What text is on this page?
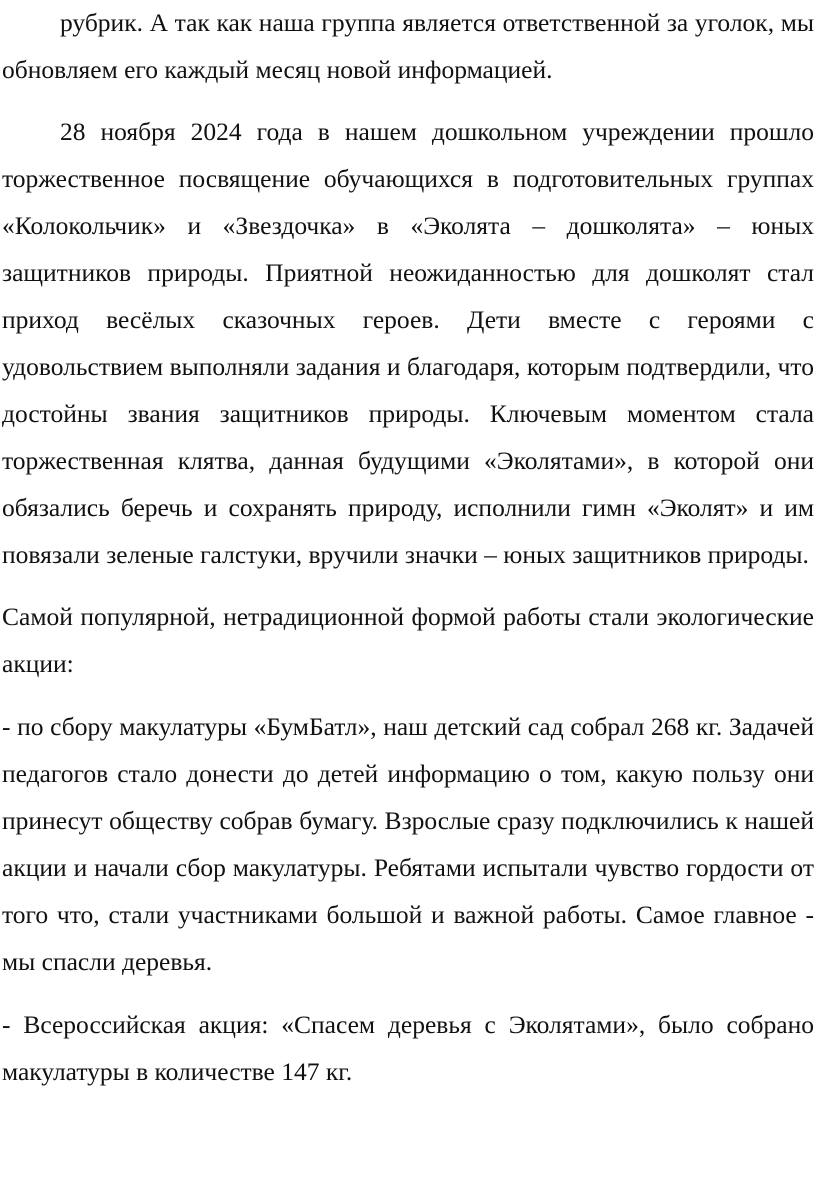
рубрик. А так как наша группа является ответственной за уголок, мы обновляем его каждый месяц новой информацией.

28 ноября 2024 года в нашем дошкольном учреждении прошло торжественное посвящение обучающихся в подготовительных группах «Колокольчик» и «Звездочка» в «Эколята – дошколята» – юных защитников природы. Приятной неожиданностью для дошколят стал приход весёлых сказочных героев. Дети вместе с героями с удовольствием выполняли задания и благодаря, которым подтвердили, что достойны звания защитников природы. Ключевым моментом стала торжественная клятва, данная будущими «Эколятами», в которой они обязались беречь и сохранять природу, исполнили гимн «Эколят» и им повязали зеленые галстуки, вручили значки – юных защитников природы.

Самой популярной, нетрадиционной формой работы стали экологические акции:

- по сбору макулатуры «БумБатл», наш детский сад собрал 268 кг. Задачей педагогов стало донести до детей информацию о том, какую пользу они принесут обществу собрав бумагу. Взрослые сразу подключились к нашей акции и начали сбор макулатуры. Ребятами испытали чувство гордости от того что, стали участниками большой и важной работы. Самое главное - мы спасли деревья.

- Всероссийская акция: «Спасем деревья с Эколятами», было собрано макулатуры в количестве 147 кг.
